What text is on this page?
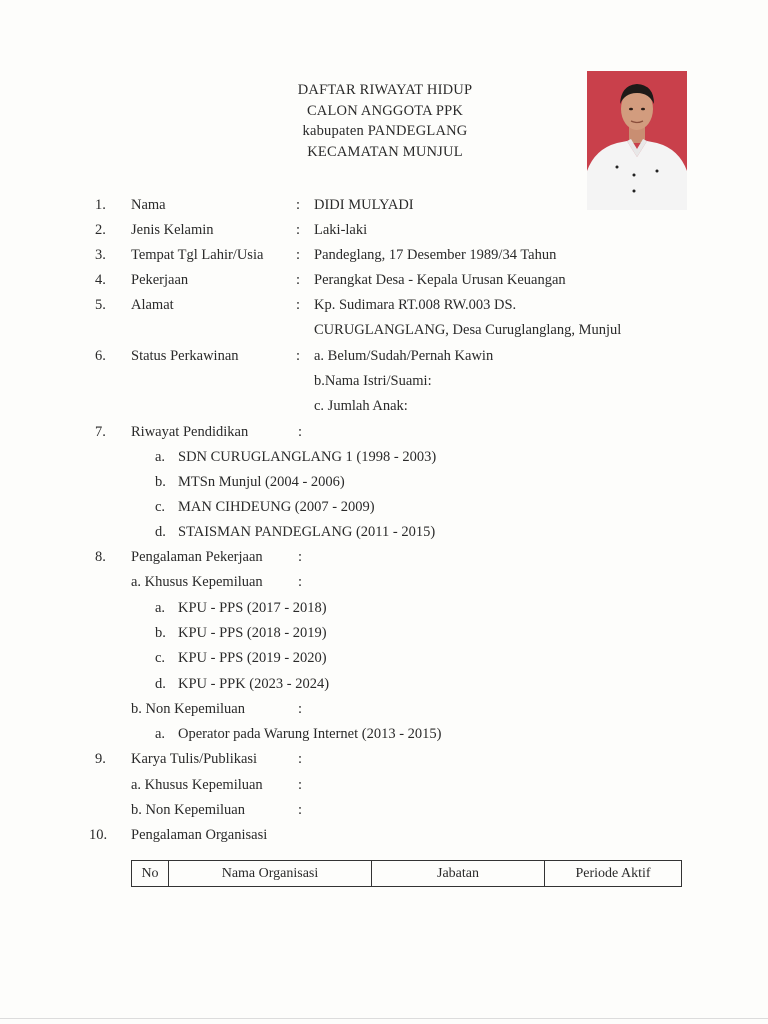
DAFTAR RIWAYAT HIDUP
CALON ANGGOTA PPK
kabupaten PANDEGLANG
KECAMATAN MUNJUL
1. Nama	: DIDI MULYADI
2. Jenis Kelamin	: Laki-laki
3. Tempat Tgl Lahir/Usia : Pandeglang, 17 Desember 1989/34 Tahun
4. Pekerjaan	: Perangkat Desa - Kepala Urusan Keuangan
5. Alamat	: Kp. Sudimara RT.008 RW.003 DS.
CURUGLANGLANG, Desa Curuglanglang, Munjul
6. Status Perkawinan	: a. Belum/Sudah/Pernah Kawin
b.Nama Istri/Suami:
c. Jumlah Anak:
7. Riwayat Pendidikan	:
a. SDN CURUGLANGLANG 1 (1998 - 2003)
b. MTSn Munjul (2004 - 2006)
c. MAN CIHDEUNG (2007 - 2009)
d. STAISMAN PANDEGLANG (2011 - 2015)
8. Pengalaman Pekerjaan :
a. Khusus Kepemiluan :
a. KPU - PPS (2017 - 2018)
b. KPU - PPS (2018 - 2019)
c. KPU - PPS (2019 - 2020)
d. KPU - PPK (2023 - 2024)
b. Non Kepemiluan	:
a. Operator pada Warung Internet (2013 - 2015)
9. Karya Tulis/Publikasi	:
a. Khusus Kepemiluan :
b. Non Kepemiluan	:
10. Pengalaman Organisasi
No	Nama Organisasi	Jabatan	Periode Aktif
